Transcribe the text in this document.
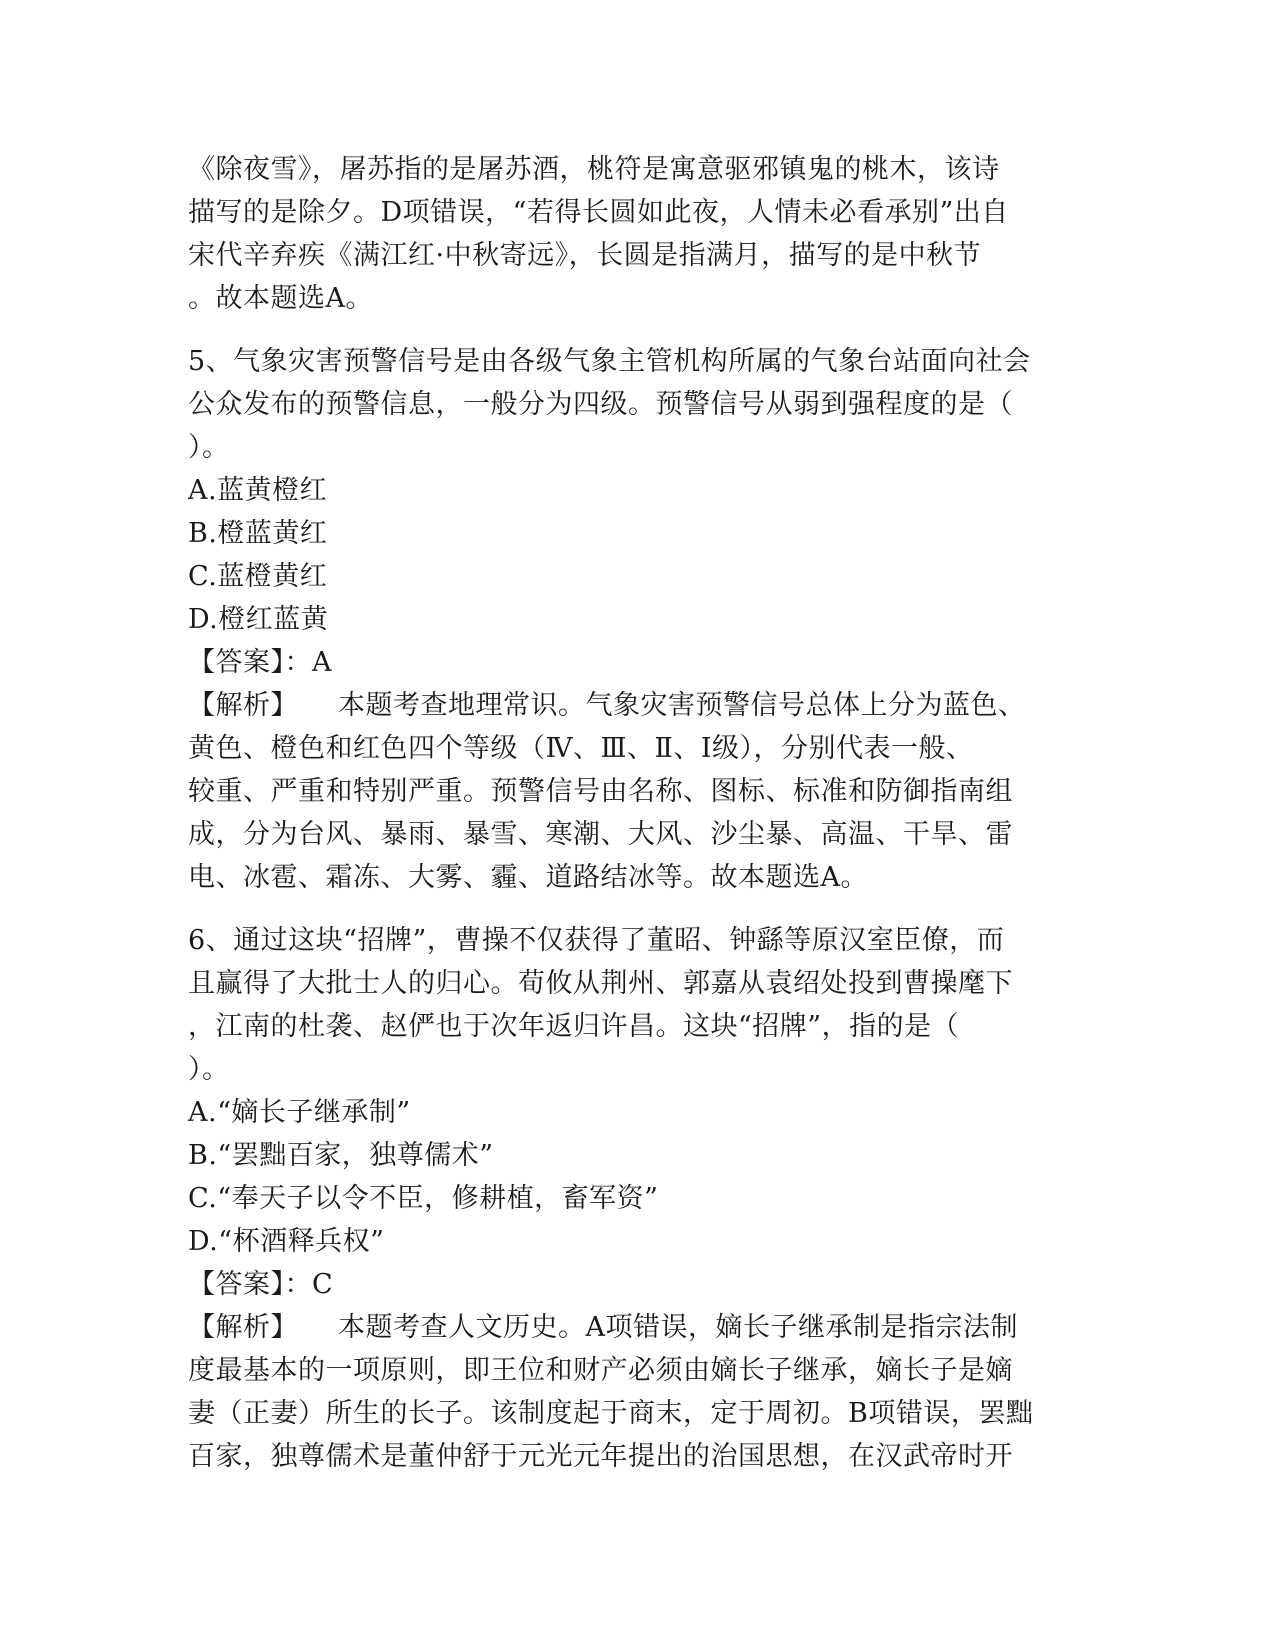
《除夜雪》，屠苏指的是屠苏酒，桃符是寓意驱邪镇鬼的桃木，该诗
描写的是除夕。D项错误，“若得长圆如此夜，人情未必看承别”出自
宋代辛弃疾《满江红·中秋寄远》，长圆是指满月，描写的是中秋节
。故本题选A。
5、气象灾害预警信号是由各级气象主管机构所属的气象台站面向社会
公众发布的预警信息，一般分为四级。预警信号从弱到强程度的是（
）。
A.蓝黄橙红
B.橙蓝黄红
C.蓝橙黄红
D.橙红蓝黄
【答案】：A
【解析】 本题考查地理常识。气象灾害预警信号总体上分为蓝色、
黄色、橙色和红色四个等级（Ⅳ、Ⅲ、Ⅱ、Ⅰ级），分别代表一般、
较重、严重和特别严重。预警信号由名称、图标、标准和防御指南组
成，分为台风、暴雨、暴雪、寒潮、大风、沙尘暴、高温、干旱、雷
电、冰雹、霜冻、大雾、霾、道路结冰等。故本题选A。
6、通过这块“招牌”，曹操不仅获得了董昭、钟繇等原汉室臣僚，而
且赢得了大批士人的归心。荀攸从荆州、郭嘉从袁绍处投到曹操麾下
，江南的杜袭、赵俨也于次年返归许昌。这块“招牌”，指的是（
）。
A.“嫡长子继承制”
B.“罢黜百家，独尊儒术”
C.“奉天子以令不臣，修耕植，畜军资”
D.“杯酒释兵权”
【答案】：C
【解析】 本题考查人文历史。A项错误，嫡长子继承制是指宗法制
度最基本的一项原则，即王位和财产必须由嫡长子继承，嫡长子是嫡
妻（正妻）所生的长子。该制度起于商末，定于周初。B项错误，罢黜
百家，独尊儒术是董仲舒于元光元年提出的治国思想，在汉武帝时开
